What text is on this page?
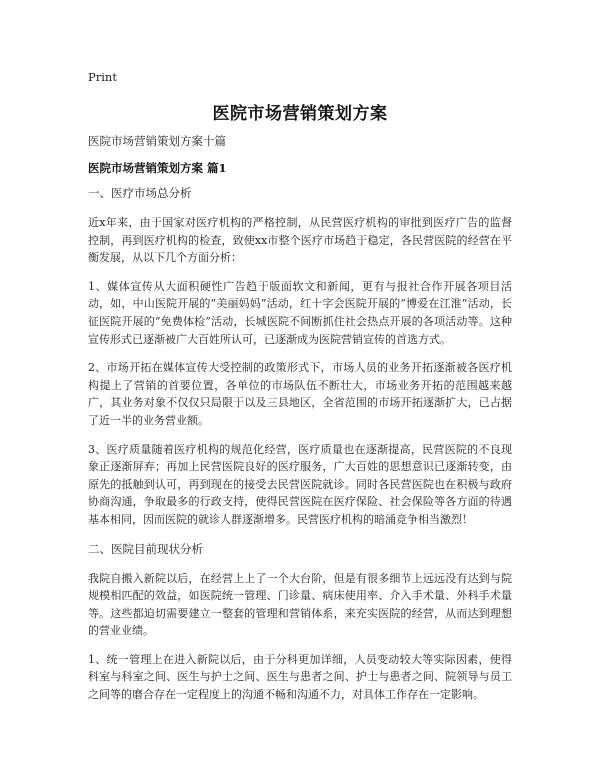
Print
医院市场营销策划方案
医院市场营销策划方案十篇
医院市场营销策划方案 篇1
一、医疗市场总分析

近x年来，由于国家对医疗机构的严格控制，从民营医疗机构的审批到医疗广告的监督控制，再到医疗机构的检查，致使xx市整个医疗市场趋于稳定，各民营医院的经营在平衡发展，从以下几个方面分析：

1、媒体宣传从大面积硬性广告趋于版面软文和新闻，更有与报社合作开展各项目活动，如，中山医院开展的“美丽妈妈”活动，红十字会医院开展的“博爱在江淮”活动，长征医院开展的“免费体检”活动，长城医院不间断抓住社会热点开展的各项活动等。这种宣传形式已逐渐被广大百姓所认可，已逐渐成为医院营销宣传的首选方式。

2、市场开拓在媒体宣传大受控制的政策形式下，市场人员的业务开拓逐渐被各医疗机构提上了营销的首要位置，各单位的市场队伍不断壮大，市场业务开拓的范围越来越广，其业务对象不仅仅只局限于以及三县地区，全省范围的市场开拓逐渐扩大，已占据了近一半的业务营业额。

3、医疗质量随着医疗机构的规范化经营，医疗质量也在逐渐提高，民营医院的不良现象正逐渐屏弃；再加上民营医院良好的医疗服务，广大百姓的思想意识已逐渐转变，由原先的抵触到认可，再到现在的接受去民营医院就诊。同时各民营医院也在积极与政府协商沟通，争取最多的行政支持，使得民营医院在医疗保险、社会保险等各方面的待遇基本相同，因而医院的就诊人群逐渐增多。民营医疗机构的暗涌竞争相当激烈！

二、医院目前现状分析

我院自搬入新院以后，在经营上上了一个大台阶，但是有很多细节上远远没有达到与院规模相匹配的效益，如医院统一管理、门诊量、病床使用率、介入手术量、外科手术量等。这些都迫切需要建立一整套的管理和营销体系，来充实医院的经营，从而达到理想的营业业绩。

1、统一管理上在进入新院以后，由于分科更加详细，人员变动较大等实际因素，使得科室与科室之间、医生与护士之间、医生与患者之间、护士与患者之间、院领导与员工之间等的磨合存在一定程度上的沟通不畅和沟通不力，对具体工作存在一定影响。
